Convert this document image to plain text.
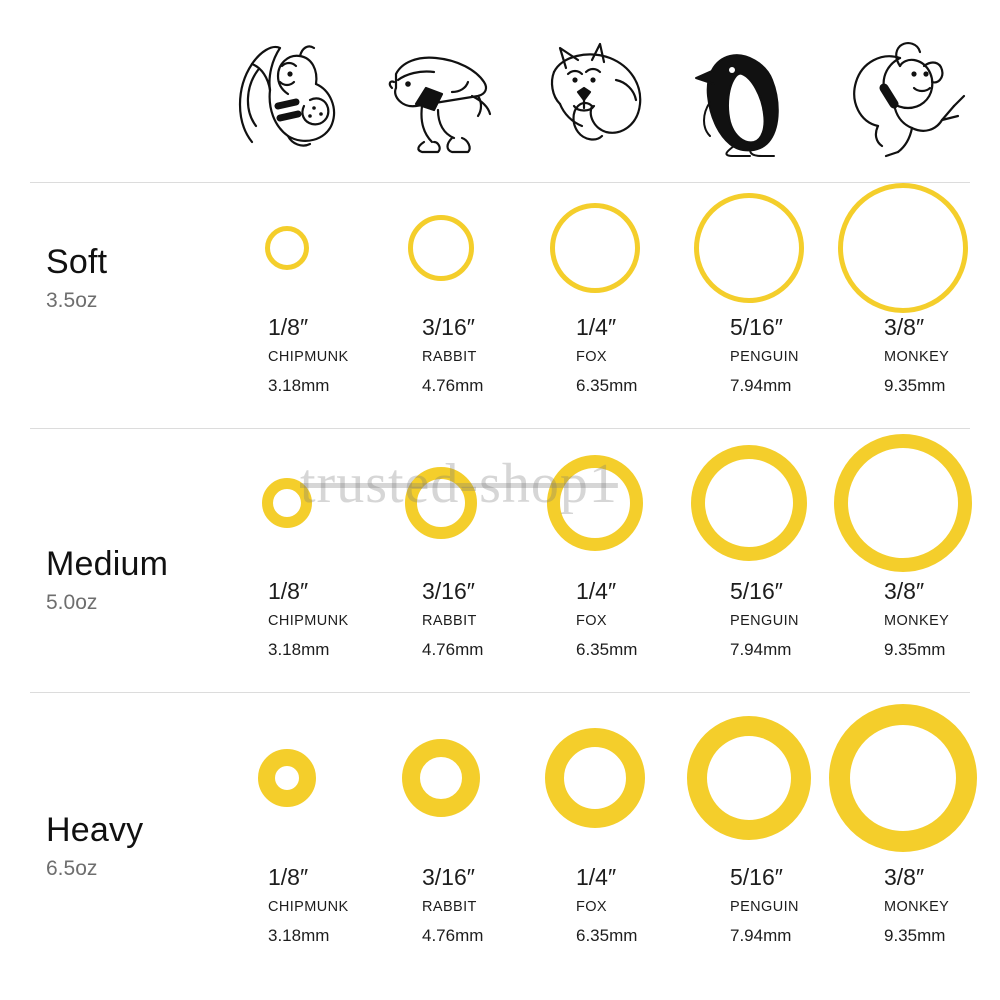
Soft
3.5oz
1/8″
CHIPMUNK
3.18mm
3/16″
RABBIT
4.76mm
1/4″
FOX
6.35mm
5/16″
PENGUIN
7.94mm
3/8″
MONKEY
9.35mm
Medium
5.0oz	1/8″
CHIPMUNK
3.18mm
3/16″
RABBIT
4.76mm
1/4″
FOX
6.35mm
5/16″
PENGUIN
7.94mm
3/8″
MONKEY
9.35mm
Heavy
6.5oz	1/8″
CHIPMUNK
3.18mm
3/16″
RABBIT
4.76mm
1/4″
FOX
6.35mm
5/16″
PENGUIN
7.94mm
3/8″
MONKEY
9.35mm
trusted-shop1
